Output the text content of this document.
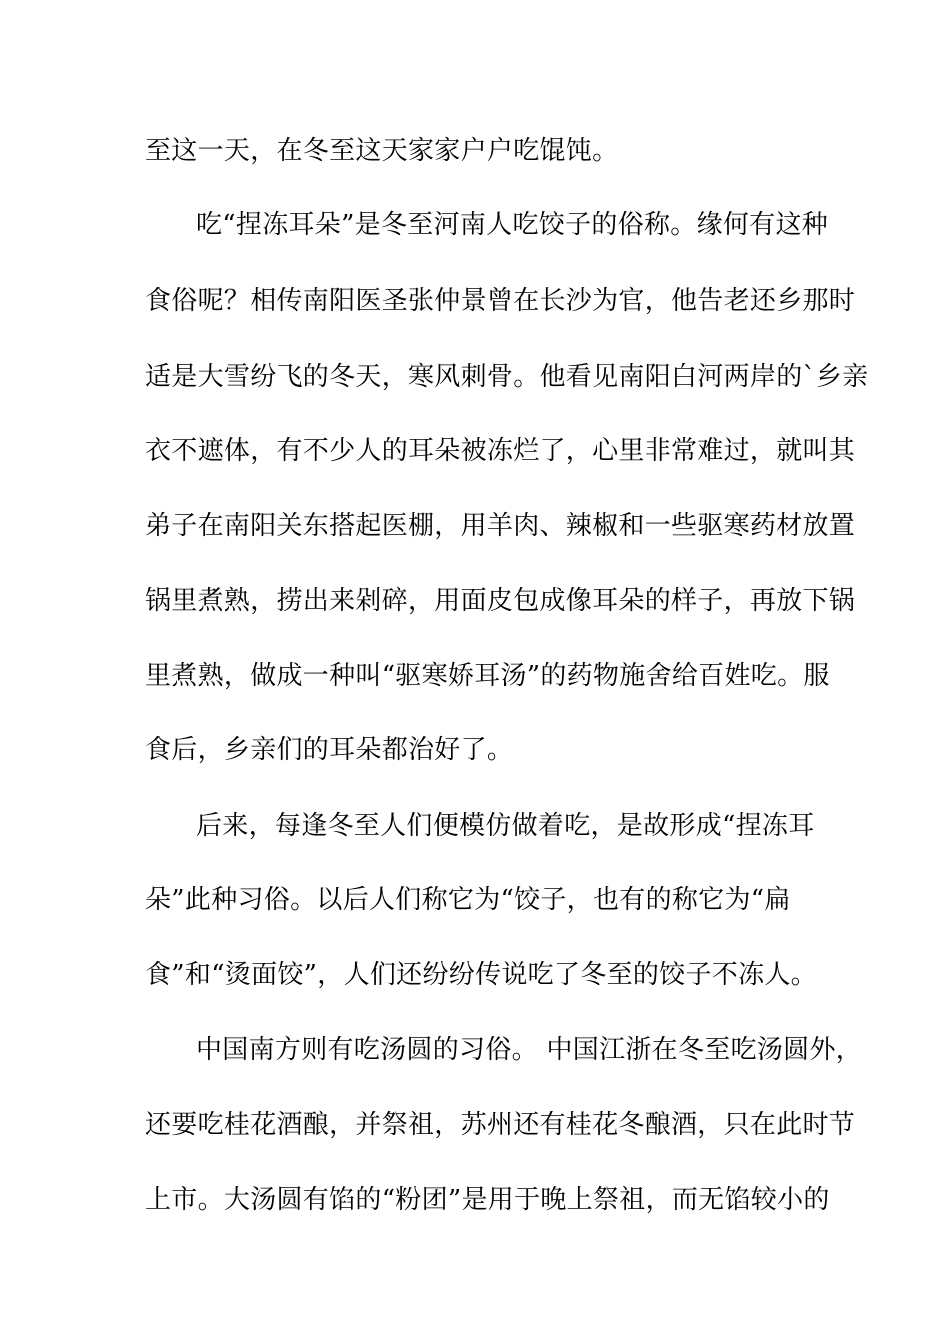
至这一天，在冬至这天家家户户吃馄饨。
吃“捏冻耳朵”是冬至河南人吃饺子的俗称。缘何有这种
食俗呢？相传南阳医圣张仲景曾在长沙为官，他告老还乡那时
适是大雪纷飞的冬天，寒风刺骨。他看见南阳白河两岸的`乡亲
衣不遮体，有不少人的耳朵被冻烂了，心里非常难过，就叫其
弟子在南阳关东搭起医棚，用羊肉、辣椒和一些驱寒药材放置
锅里煮熟，捞出来剁碎，用面皮包成像耳朵的样子，再放下锅
里煮熟，做成一种叫“驱寒娇耳汤”的药物施舍给百姓吃。服
食后，乡亲们的耳朵都治好了。
后来，每逢冬至人们便模仿做着吃，是故形成“捏冻耳
朵”此种习俗。以后人们称它为“饺子，也有的称它为“扁
食”和“烫面饺”，人们还纷纷传说吃了冬至的饺子不冻人。
中国南方则有吃汤圆的习俗。 中国江浙在冬至吃汤圆外，
还要吃桂花酒酿，并祭祖，苏州还有桂花冬酿酒，只在此时节
上市。大汤圆有馅的“粉团”是用于晚上祭祖，而无馅较小的
